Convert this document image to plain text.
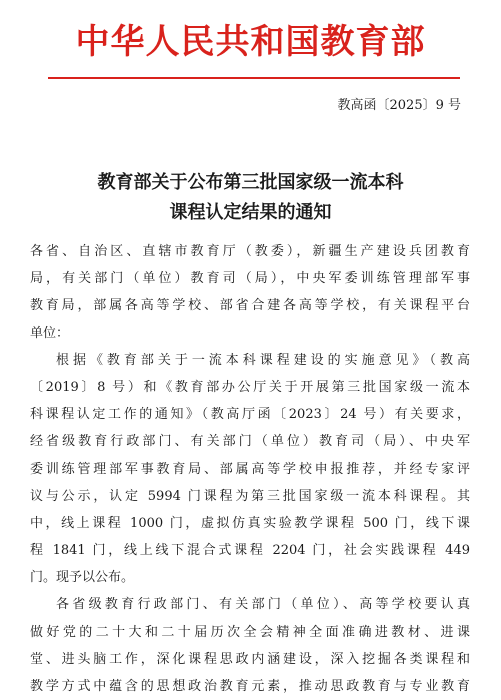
中华人民共和国教育部
教高函〔2025〕9 号
教育部关于公布第三批国家级一流本科
课程认定结果的通知
各省、自治区、直辖市教育厅（教委），新疆生产建设兵团教育
局，有关部门（单位）教育司（局），中央军委训练管理部军事
教育局，部属各高等学校、部省合建各高等学校，有关课程平台
单位：
根据《教育部关于一流本科课程建设的实施意见》（教高
〔2019〕8 号）和《教育部办公厅关于开展第三批国家级一流本
科课程认定工作的通知》（教高厅函〔2023〕24 号）有关要求，
经省级教育行政部门、有关部门（单位）教育司（局）、中央军
委训练管理部军事教育局、部属高等学校申报推荐，并经专家评
议与公示，认定 5994 门课程为第三批国家级一流本科课程。其
中，线上课程 1000 门，虚拟仿真实验教学课程 500 门，线下课
程 1841 门，线上线下混合式课程 2204 门，社会实践课程 449
门。现予以公布。
各省级教育行政部门、有关部门（单位）、高等学校要认真
做好党的二十大和二十届历次全会精神全面准确进教材、进课
堂、进头脑工作，深化课程思政内涵建设，深入挖掘各类课程和
教学方式中蕴含的思想政治教育元素，推动思政教育与专业教育
